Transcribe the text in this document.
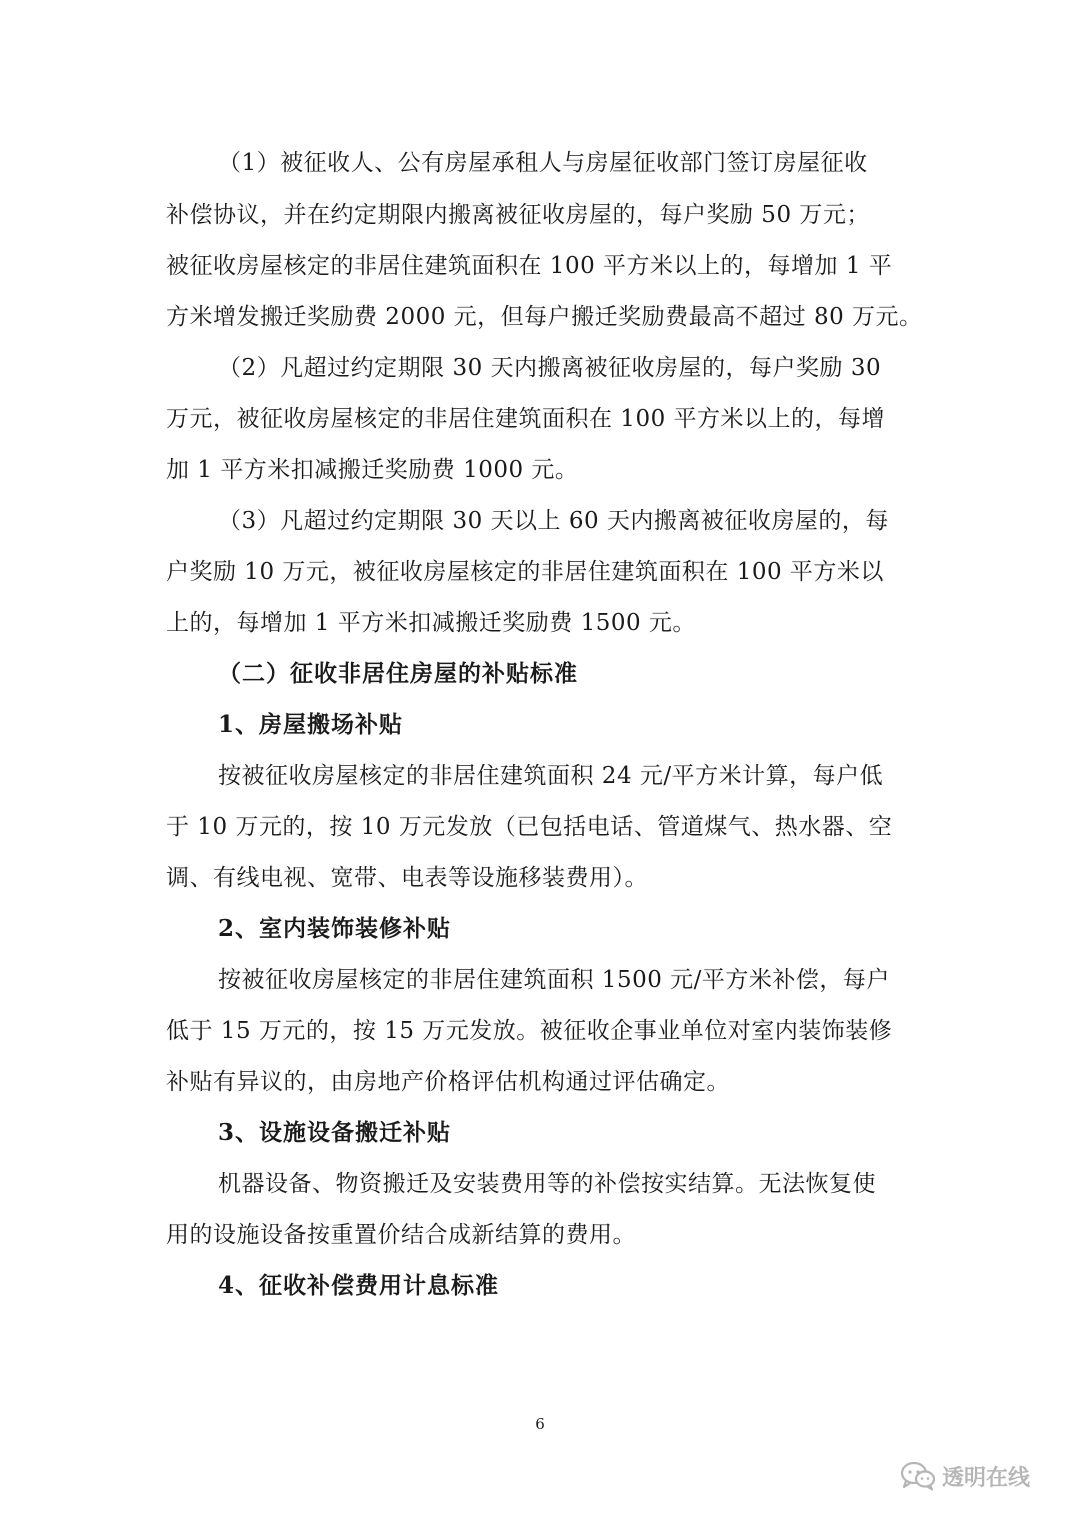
（1）被征收人、公有房屋承租人与房屋征收部门签订房屋征收
补偿协议，并在约定期限内搬离被征收房屋的，每户奖励 50 万元；
被征收房屋核定的非居住建筑面积在 100 平方米以上的，每增加 1 平
方米增发搬迁奖励费 2000 元，但每户搬迁奖励费最高不超过 80 万元。
（2）凡超过约定期限 30 天内搬离被征收房屋的，每户奖励 30
万元，被征收房屋核定的非居住建筑面积在 100 平方米以上的，每增
加 1 平方米扣减搬迁奖励费 1000 元。
（3）凡超过约定期限 30 天以上 60 天内搬离被征收房屋的，每
户奖励 10 万元，被征收房屋核定的非居住建筑面积在 100 平方米以
上的，每增加 1 平方米扣减搬迁奖励费 1500 元。
（二）征收非居住房屋的补贴标准
1、房屋搬场补贴
按被征收房屋核定的非居住建筑面积 24 元/平方米计算，每户低
于 10 万元的，按 10 万元发放（已包括电话、管道煤气、热水器、空
调、有线电视、宽带、电表等设施移装费用）。
2、室内装饰装修补贴
按被征收房屋核定的非居住建筑面积 1500 元/平方米补偿，每户
低于 15 万元的，按 15 万元发放。被征收企事业单位对室内装饰装修
补贴有异议的，由房地产价格评估机构通过评估确定。
3、设施设备搬迁补贴
机器设备、物资搬迁及安装费用等的补偿按实结算。无法恢复使
用的设施设备按重置价结合成新结算的费用。
4、征收补偿费用计息标准
6
透明在线
